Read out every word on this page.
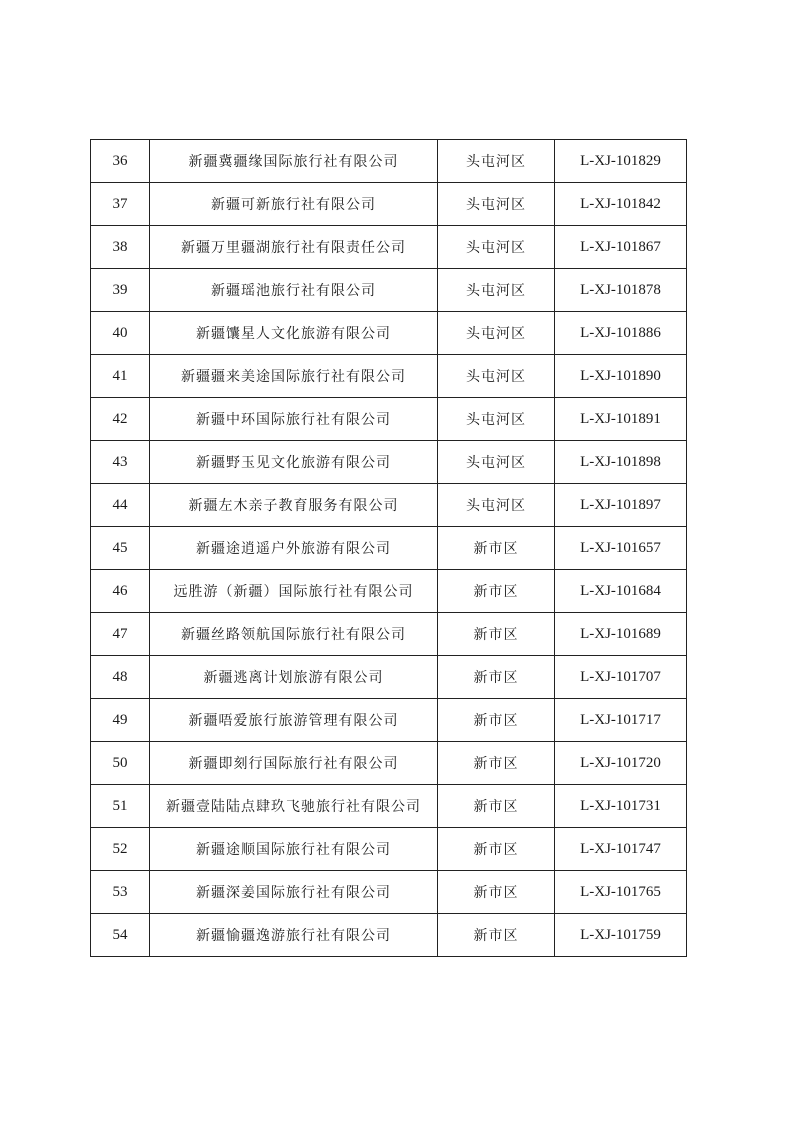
36	新疆冀疆缘国际旅行社有限公司	头屯河区	L-XJ-101829
37	新疆可新旅行社有限公司	头屯河区	L-XJ-101842
38	新疆万里疆湖旅行社有限责任公司	头屯河区	L-XJ-101867
39	新疆瑶池旅行社有限公司	头屯河区	L-XJ-101878
40	新疆馕星人文化旅游有限公司	头屯河区	L-XJ-101886
41	新疆疆来美途国际旅行社有限公司	头屯河区	L-XJ-101890
42	新疆中环国际旅行社有限公司	头屯河区	L-XJ-101891
43	新疆野玉见文化旅游有限公司	头屯河区	L-XJ-101898
44	新疆左木亲子教育服务有限公司	头屯河区	L-XJ-101897
45	新疆途逍遥户外旅游有限公司	新市区	L-XJ-101657
46	远胜游（新疆）国际旅行社有限公司	新市区	L-XJ-101684
47	新疆丝路领航国际旅行社有限公司	新市区	L-XJ-101689
48	新疆逃离计划旅游有限公司	新市区	L-XJ-101707
49	新疆唔爱旅行旅游管理有限公司	新市区	L-XJ-101717
50	新疆即刻行国际旅行社有限公司	新市区	L-XJ-101720
51	新疆壹陆陆点肆玖飞驰旅行社有限公司	新市区	L-XJ-101731
52	新疆途顺国际旅行社有限公司	新市区	L-XJ-101747
53	新疆深姜国际旅行社有限公司	新市区	L-XJ-101765
54	新疆愉疆逸游旅行社有限公司	新市区	L-XJ-101759
